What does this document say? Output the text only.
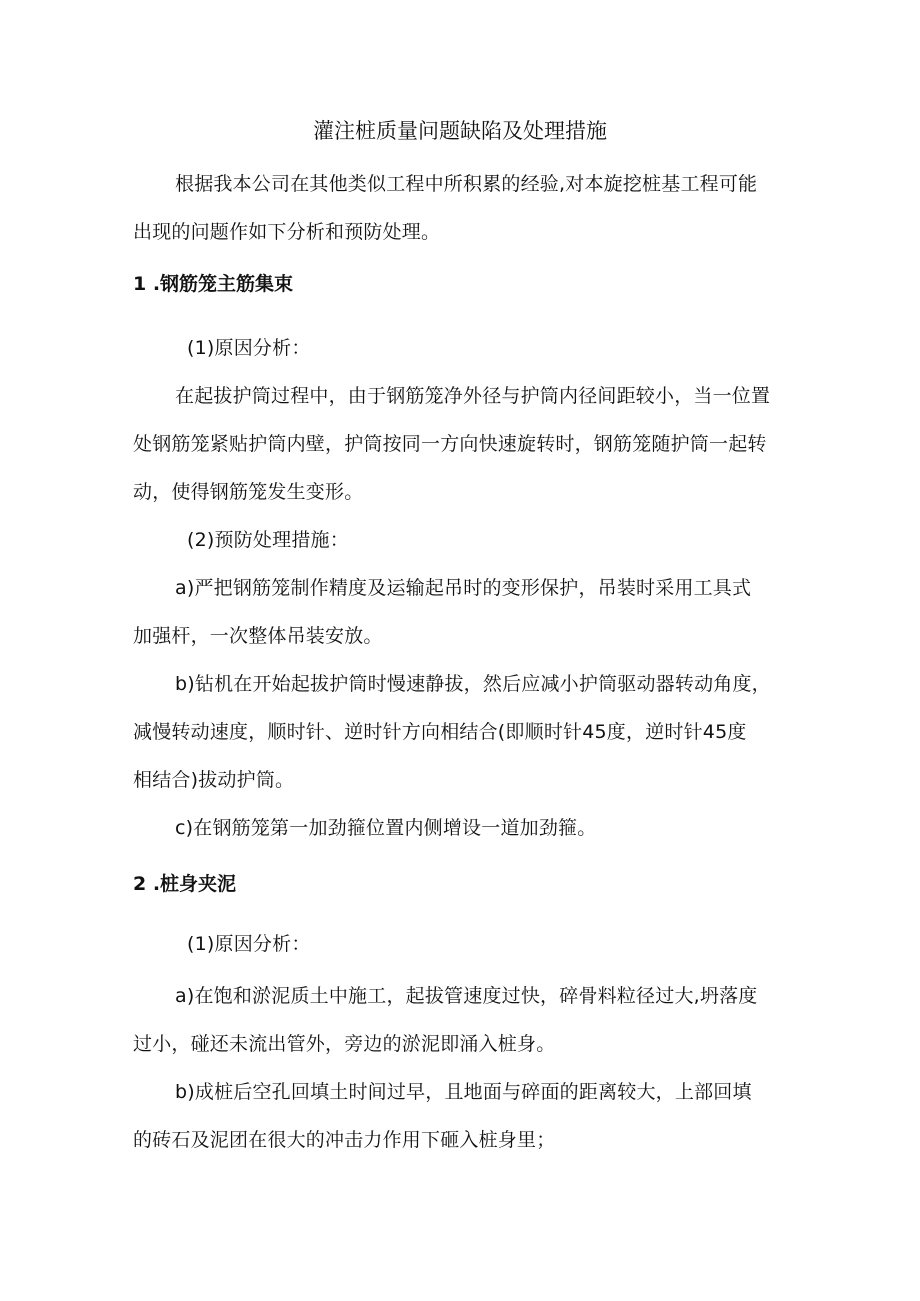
灌注桩质量问题缺陷及处理措施
根据我本公司在其他类似工程中所积累的经验,对本旋挖桩基工程可能
出现的问题作如下分析和预防处理。
1 .钢筋笼主筋集束
(1)原因分析：
在起拔护筒过程中，由于钢筋笼净外径与护筒内径间距较小，当一位置
处钢筋笼紧贴护筒内壁，护筒按同一方向快速旋转时，钢筋笼随护筒一起转
动，使得钢筋笼发生变形。
(2)预防处理措施：
a)严把钢筋笼制作精度及运输起吊时的变形保护，吊装时采用工具式
加强杆，一次整体吊装安放。
b)钻机在开始起拔护筒时慢速静拔，然后应减小护筒驱动器转动角度，
减慢转动速度，顺时针、逆时针方向相结合(即顺时针45度，逆时针45度
相结合)拔动护筒。
c)在钢筋笼第一加劲箍位置内侧增设一道加劲箍。
2 .桩身夹泥
(1)原因分析：
a)在饱和淤泥质土中施工，起拔管速度过快，碎骨料粒径过大,坍落度
过小，碰还未流出管外，旁边的淤泥即涌入桩身。
b)成桩后空孔回填土时间过早，且地面与碎面的距离较大，上部回填
的砖石及泥团在很大的冲击力作用下砸入桩身里；
